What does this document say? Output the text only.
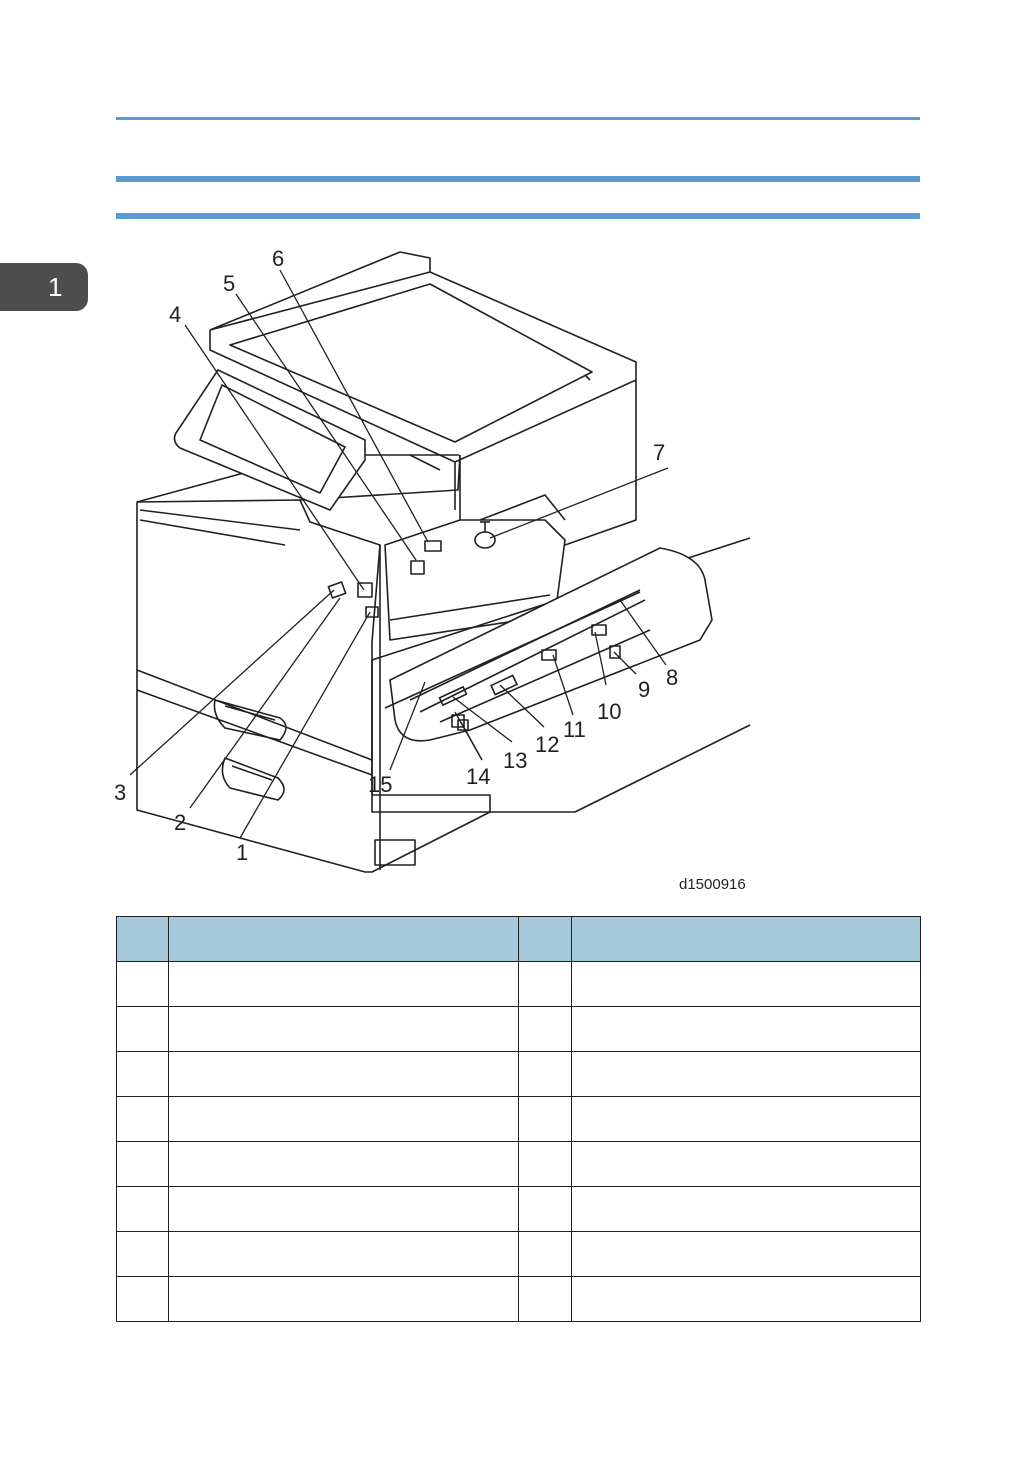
1
1
2
3
4
5
6
7
8
9
10
11
12
13
14
15
d1500916
